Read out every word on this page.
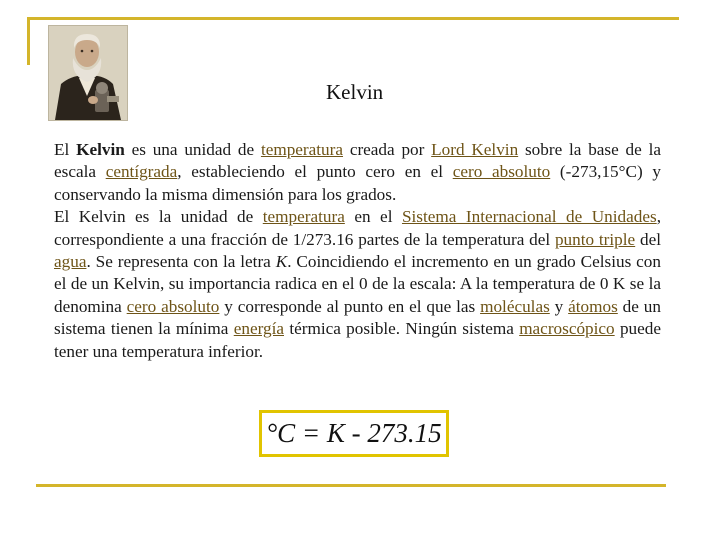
Kelvin

El Kelvin es una unidad de temperatura creada por Lord Kelvin sobre la base de la escala centígrada, estableciendo el punto cero en el cero absoluto (-273,15°C) y conservando la misma dimensión para los grados.

El Kelvin es la unidad de temperatura en el Sistema Internacional de Unidades, correspondiente a una fracción de 1/273.16 partes de la temperatura del punto triple del agua. Se representa con la letra K. Coincidiendo el incremento en un grado Celsius con el de un Kelvin, su importancia radica en el 0 de la escala: A la temperatura de 0 K se la denomina cero absoluto y corresponde al punto en el que las moléculas y átomos de un sistema tienen la mínima energía térmica posible. Ningún sistema macroscópico puede tener una temperatura inferior.

°C = K - 273.15
